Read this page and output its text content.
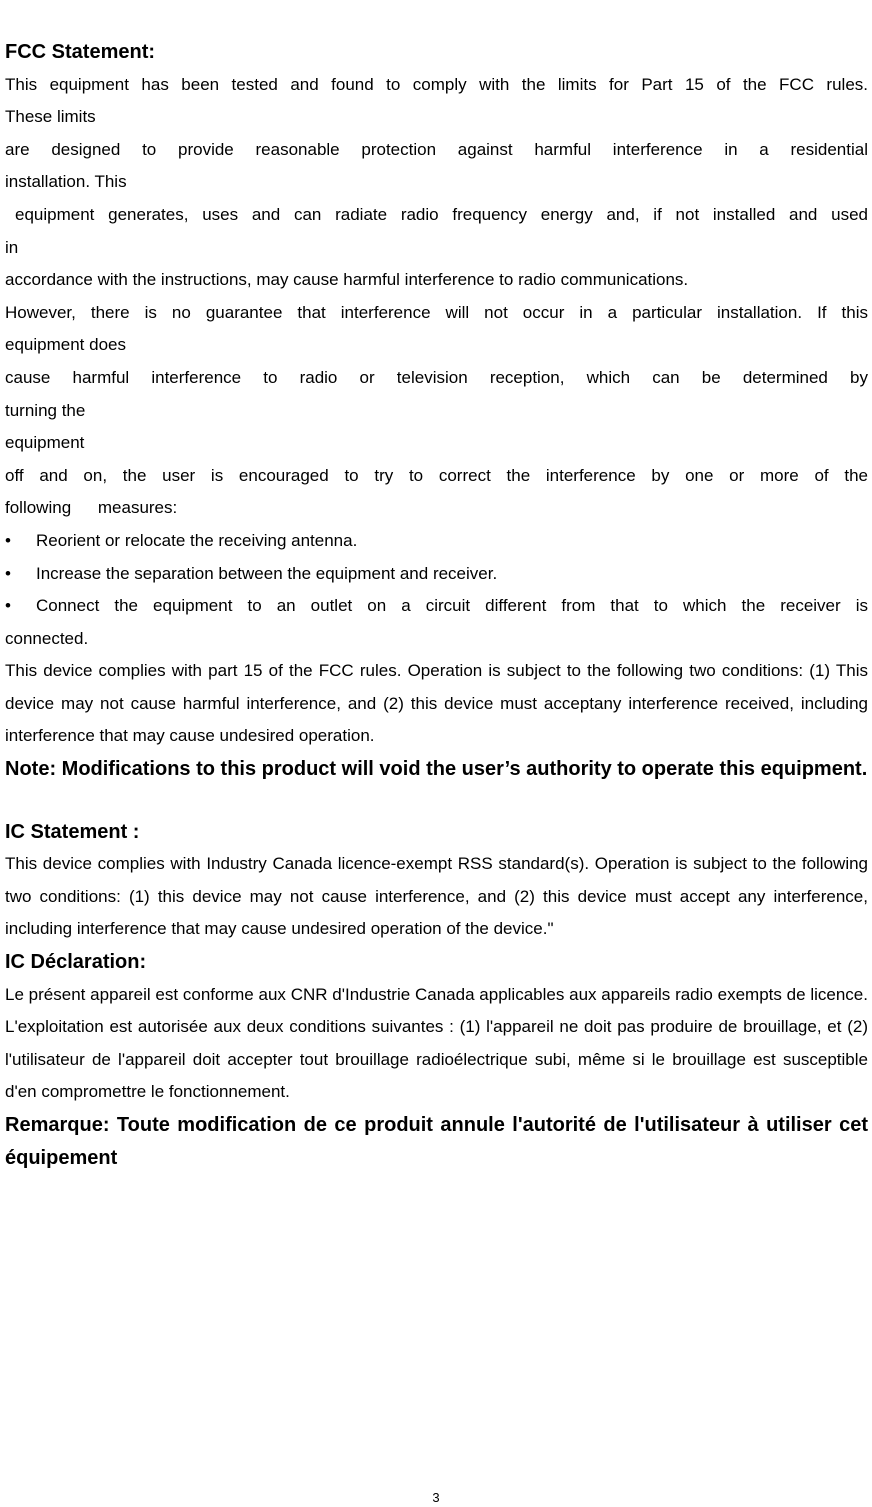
FCC Statement:

This equipment has been tested and found to comply with the limits for Part 15 of the FCC rules.

These limits

are designed to provide reasonable protection against harmful interference in a residential

installation. This

equipment generates, uses and can radiate radio frequency energy and, if not installed and used

in

accordance with the instructions, may cause harmful interference to radio communications.

However, there is no guarantee that interference will not occur in a particular installation. If this

equipment does

cause harmful interference to radio or television reception, which can be determined by

turning the

equipment

off and on, the user is encouraged to try to correct the interference by one or more of the

following measures:

• Reorient or relocate the receiving antenna.

• Increase the separation between the equipment and receiver.

• Connect the equipment to an outlet on a circuit different from that to which the receiver is

connected.

This device complies with part 15 of the FCC rules. Operation is subject to the following two conditions: (1) This device may not cause harmful interference, and (2) this device must acceptany interference received, including interference that may cause undesired operation.

Note: Modifications to this product will void the user’s authority to operate this equipment.

IC Statement :

This device complies with Industry Canada licence-exempt RSS standard(s). Operation is subject to the following two conditions: (1) this device may not cause interference, and (2) this device must accept any interference, including interference that may cause undesired operation of the device."

IC Déclaration:

Le présent appareil est conforme aux CNR d'Industrie Canada applicables aux appareils radio exempts de licence. L'exploitation est autorisée aux deux conditions suivantes : (1) l'appareil ne doit pas produire de brouillage, et (2) l'utilisateur de l'appareil doit accepter tout brouillage radioélectrique subi, même si le brouillage est susceptible d'en compromettre le fonctionnement.

Remarque: Toute modification de ce produit annule l'autorité de l'utilisateur à utiliser cet équipement

3
